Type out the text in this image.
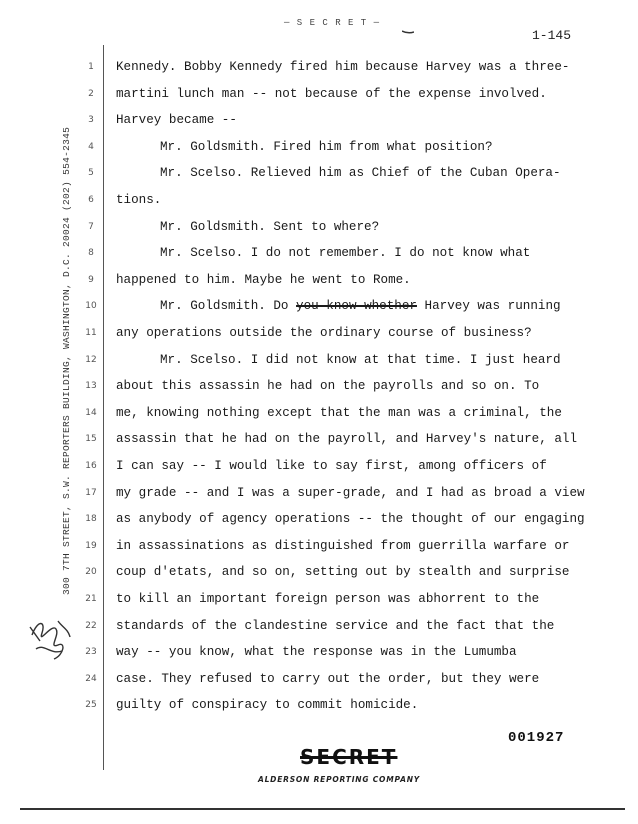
─ S E C R E T ─
1-145
300 7TH STREET, S.W. REPORTERS BUILDING, WASHINGTON, D.C. 20024 (202) 554-2345
1	Kennedy. Bobby Kennedy fired him because Harvey was a three-
2	martini lunch man -- not because of the expense involved.
3	Harvey became --
4	Mr. Goldsmith. Fired him from what position?
5	Mr. Scelso. Relieved him as Chief of the Cuban Opera-
6	tions.
7	Mr. Goldsmith. Sent to where?
8	Mr. Scelso. I do not remember. I do not know what
9	happened to him. Maybe he went to Rome.
10	Mr. Goldsmith. Do you know whether Harvey was running
11 any operations outside the ordinary course of business?
12	Mr. Scelso. I did not know at that time. I just heard
13 about this assassin he had on the payrolls and so on. To
14 me, knowing nothing except that the man was a criminal, the
15 assassin that he had on the payroll, and Harvey's nature, all
16 I can say -- I would like to say first, among officers of
17 my grade -- and I was a super-grade, and I had as broad a view
18 as anybody of agency operations -- the thought of our engaging
19 in assassinations as distinguished from guerrilla warfare or
20 coup d'etats, and so on, setting out by stealth and surprise
21 to kill an important foreign person was abhorrent to the
22 standards of the clandestine service and the fact that the
23 way -- you know, what the response was in the Lumumba
24 case. They refused to carry out the order, but they were
25 guilty of conspiracy to commit homicide.
001927
SECRET
ALDERSON REPORTING COMPANY
